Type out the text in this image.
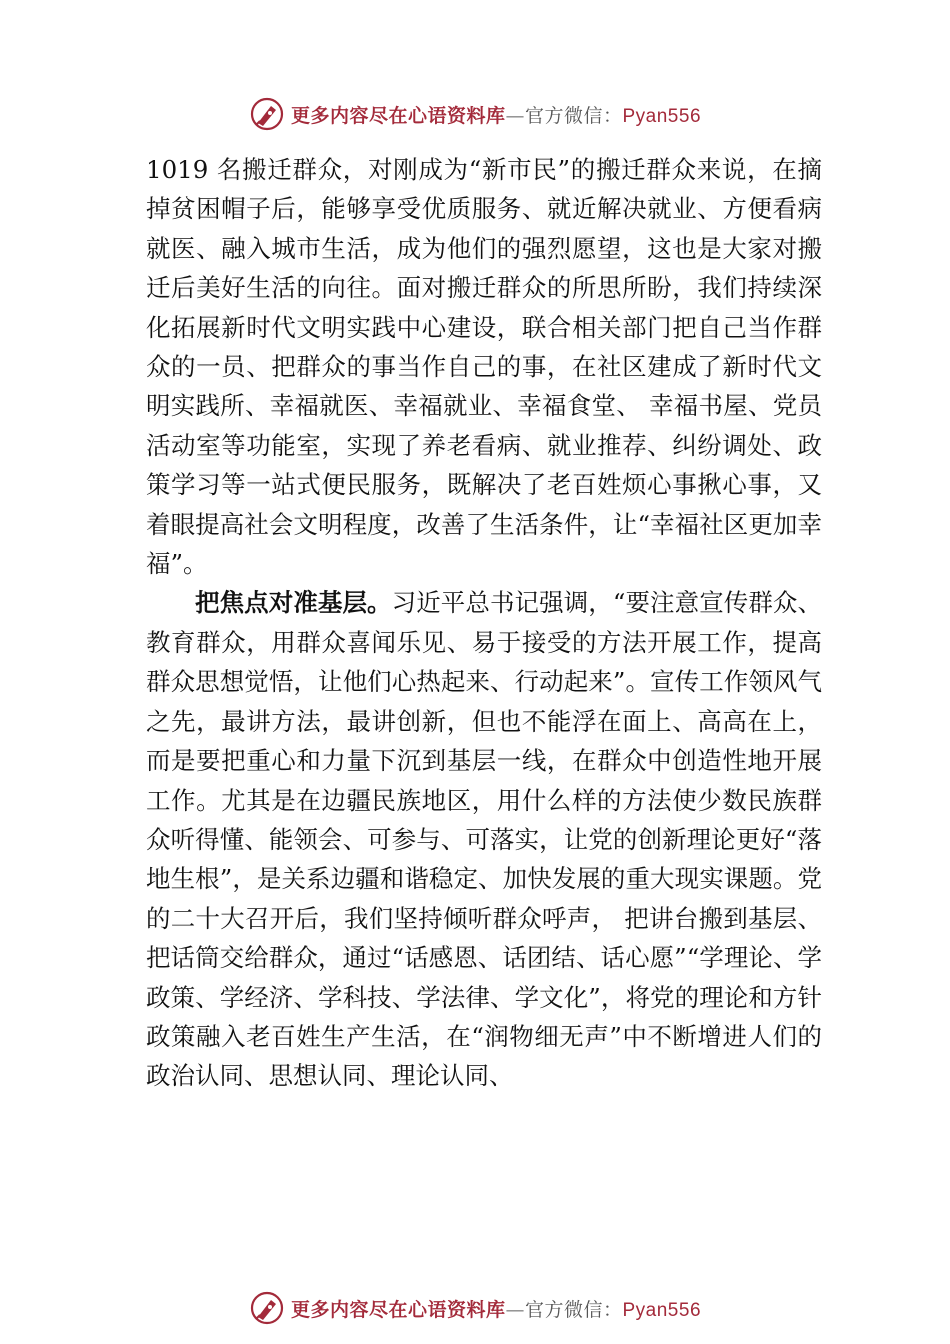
更多内容尽在心语资料库—官方微信：Pyan556

1019 名搬迁群众，对刚成为“新市民”的搬迁群众来说，在摘掉贫困帽子后，能够享受优质服务、就近解决就业、方便看病就医、融入城市生活，成为他们的强烈愿望，这也是大家对搬迁后美好生活的向往。面对搬迁群众的所思所盼，我们持续深化拓展新时代文明实践中心建设，联合相关部门把自己当作群众的一员、把群众的事当作自己的事，在社区建成了新时代文明实践所、幸福就医、幸福就业、幸福食堂、 幸福书屋、党员活动室等功能室，实现了养老看病、就业推荐、纠纷调处、政策学习等一站式便民服务，既解决了老百姓烦心事揪心事，又着眼提高社会文明程度，改善了生活条件，让“幸福社区更加幸福”。

把焦点对准基层。习近平总书记强调，“要注意宣传群众、教育群众，用群众喜闻乐见、易于接受的方法开展工作，提高群众思想觉悟，让他们心热起来、行动起来”。宣传工作领风气之先，最讲方法，最讲创新，但也不能浮在面上、高高在上，而是要把重心和力量下沉到基层一线，在群众中创造性地开展工作。尤其是在边疆民族地区，用什么样的方法使少数民族群众听得懂、能领会、可参与、可落实，让党的创新理论更好“落地生根”，是关系边疆和谐稳定、加快发展的重大现实课题。党的二十大召开后，我们坚持倾听群众呼声， 把讲台搬到基层、把话筒交给群众，通过“话感恩、话团结、话心愿”“学理论、学政策、学经济、学科技、学法律、学文化”，将党的理论和方针政策融入老百姓生产生活，在“润物细无声”中不断增进人们的政治认同、思想认同、理论认同、

更多内容尽在心语资料库—官方微信：Pyan556
